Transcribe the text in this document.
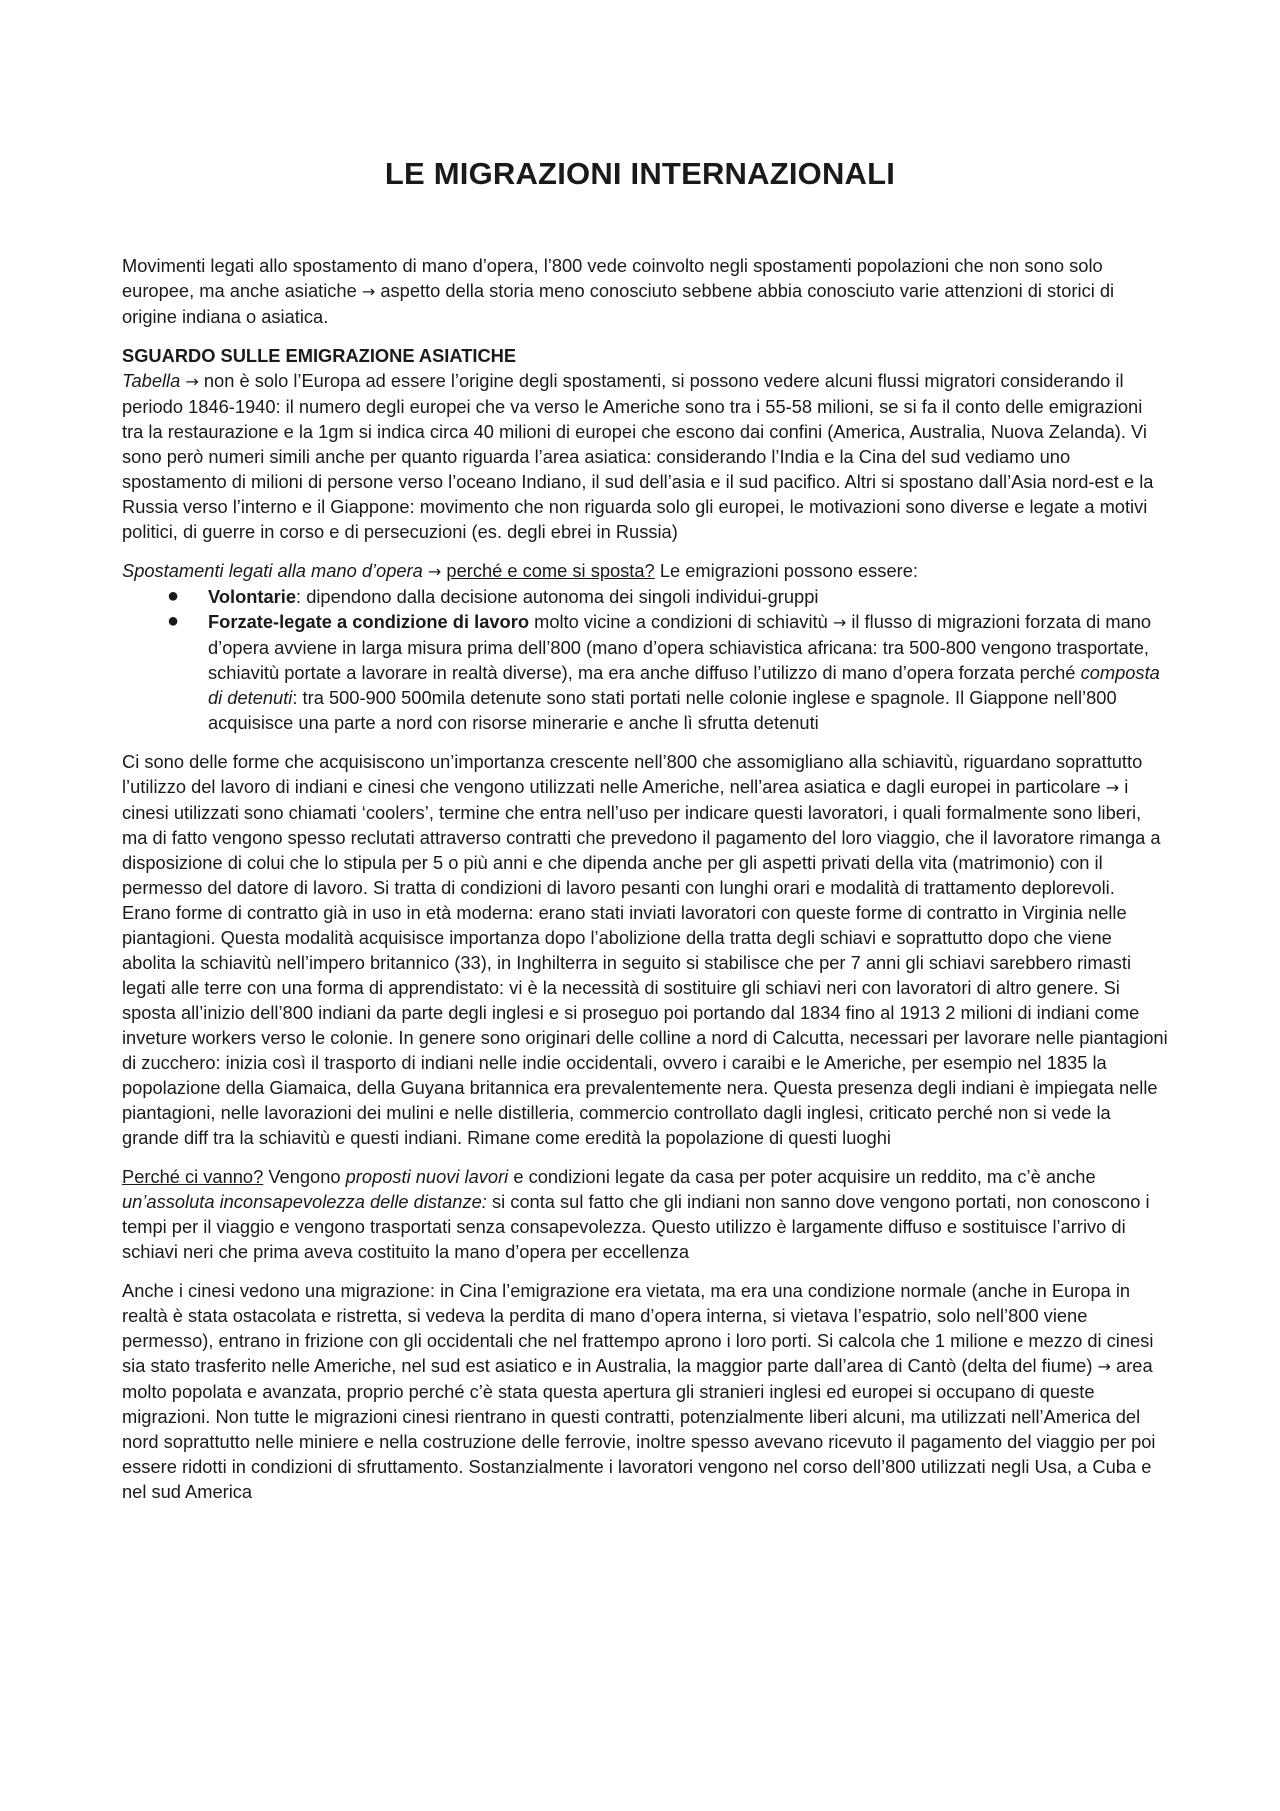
LE MIGRAZIONI INTERNAZIONALI

Movimenti legati allo spostamento di mano d’opera, l’800 vede coinvolto negli spostamenti popolazioni che non sono solo europee, ma anche asiatiche → aspetto della storia meno conosciuto sebbene abbia conosciuto varie attenzioni di storici di origine indiana o asiatica.

SGUARDO SULLE EMIGRAZIONE ASIATICHE

Tabella → non è solo l’Europa ad essere l’origine degli spostamenti, si possono vedere alcuni flussi migratori considerando il periodo 1846-1940: il numero degli europei che va verso le Americhe sono tra i 55-58 milioni, se si fa il conto delle emigrazioni tra la restaurazione e la 1gm si indica circa 40 milioni di europei che escono dai confini (America, Australia, Nuova Zelanda). Vi sono però numeri simili anche per quanto riguarda l’area asiatica: considerando l’India e la Cina del sud vediamo uno spostamento di milioni di persone verso l’oceano Indiano, il sud dell’asia e il sud pacifico. Altri si spostano dall’Asia nord-est e la Russia verso l’interno e il Giappone: movimento che non riguarda solo gli europei, le motivazioni sono diverse e legate a motivi politici, di guerre in corso e di persecuzioni (es. degli ebrei in Russia)

Spostamenti legati alla mano d’opera → perché e come si sposta? Le emigrazioni possono essere:

● Volontarie: dipendono dalla decisione autonoma dei singoli individui-gruppi
● Forzate-legate a condizione di lavoro molto vicine a condizioni di schiavitù → il flusso di migrazioni forzata di mano d’opera avviene in larga misura prima dell’800 (mano d’opera schiavistica africana: tra 500-800 vengono trasportate, schiavitù portate a lavorare in realtà diverse), ma era anche diffuso l’utilizzo di mano d’opera forzata perché composta di detenuti: tra 500-900 500mila detenute sono stati portati nelle colonie inglese e spagnole. Il Giappone nell’800 acquisisce una parte a nord con risorse minerarie e anche lì sfrutta detenuti

Ci sono delle forme che acquisiscono un’importanza crescente nell’800 che assomigliano alla schiavitù, riguardano soprattutto l’utilizzo del lavoro di indiani e cinesi che vengono utilizzati nelle Americhe, nell’area asiatica e dagli europei in particolare → i cinesi utilizzati sono chiamati ‘coolers’, termine che entra nell’uso per indicare questi lavoratori, i quali formalmente sono liberi, ma di fatto vengono spesso reclutati attraverso contratti che prevedono il pagamento del loro viaggio, che il lavoratore rimanga a disposizione di colui che lo stipula per 5 o più anni e che dipenda anche per gli aspetti privati della vita (matrimonio) con il permesso del datore di lavoro. Si tratta di condizioni di lavoro pesanti con lunghi orari e modalità di trattamento deplorevoli. Erano forme di contratto già in uso in età moderna: erano stati inviati lavoratori con queste forme di contratto in Virginia nelle piantagioni. Questa modalità acquisisce importanza dopo l’abolizione della tratta degli schiavi e soprattutto dopo che viene abolita la schiavitù nell’impero britannico (33), in Inghilterra in seguito si stabilisce che per 7 anni gli schiavi sarebbero rimasti legati alle terre con una forma di apprendistato: vi è la necessità di sostituire gli schiavi neri con lavoratori di altro genere. Si sposta all’inizio dell’800 indiani da parte degli inglesi e si proseguo poi portando dal 1834 fino al 1913 2 milioni di indiani come inveture workers verso le colonie. In genere sono originari delle colline a nord di Calcutta, necessari per lavorare nelle piantagioni di zucchero: inizia così il trasporto di indiani nelle indie occidentali, ovvero i caraibi e le Americhe, per esempio nel 1835 la popolazione della Giamaica, della Guyana britannica era prevalentemente nera. Questa presenza degli indiani è impiegata nelle piantagioni, nelle lavorazioni dei mulini e nelle distilleria, commercio controllato dagli inglesi, criticato perché non si vede la grande diff tra la schiavitù e questi indiani. Rimane come eredità la popolazione di questi luoghi

Perché ci vanno? Vengono proposti nuovi lavori e condizioni legate da casa per poter acquisire un reddito, ma c’è anche un’assoluta inconsapevolezza delle distanze: si conta sul fatto che gli indiani non sanno dove vengono portati, non conoscono i tempi per il viaggio e vengono trasportati senza consapevolezza. Questo utilizzo è largamente diffuso e sostituisce l’arrivo di schiavi neri che prima aveva costituito la mano d’opera per eccellenza

Anche i cinesi vedono una migrazione: in Cina l’emigrazione era vietata, ma era una condizione normale (anche in Europa in realtà è stata ostacolata e ristretta, si vedeva la perdita di mano d’opera interna, si vietava l’espatrio, solo nell’800 viene permesso), entrano in frizione con gli occidentali che nel frattempo aprono i loro porti. Si calcola che 1 milione e mezzo di cinesi sia stato trasferito nelle Americhe, nel sud est asiatico e in Australia, la maggior parte dall’area di Cantò (delta del fiume) → area molto popolata e avanzata, proprio perché c’è stata questa apertura gli stranieri inglesi ed europei si occupano di queste migrazioni. Non tutte le migrazioni cinesi rientrano in questi contratti, potenzialmente liberi alcuni, ma utilizzati nell’America del nord soprattutto nelle miniere e nella costruzione delle ferrovie, inoltre spesso avevano ricevuto il pagamento del viaggio per poi essere ridotti in condizioni di sfruttamento. Sostanzialmente i lavoratori vengono nel corso dell’800 utilizzati negli Usa, a Cuba e nel sud America
